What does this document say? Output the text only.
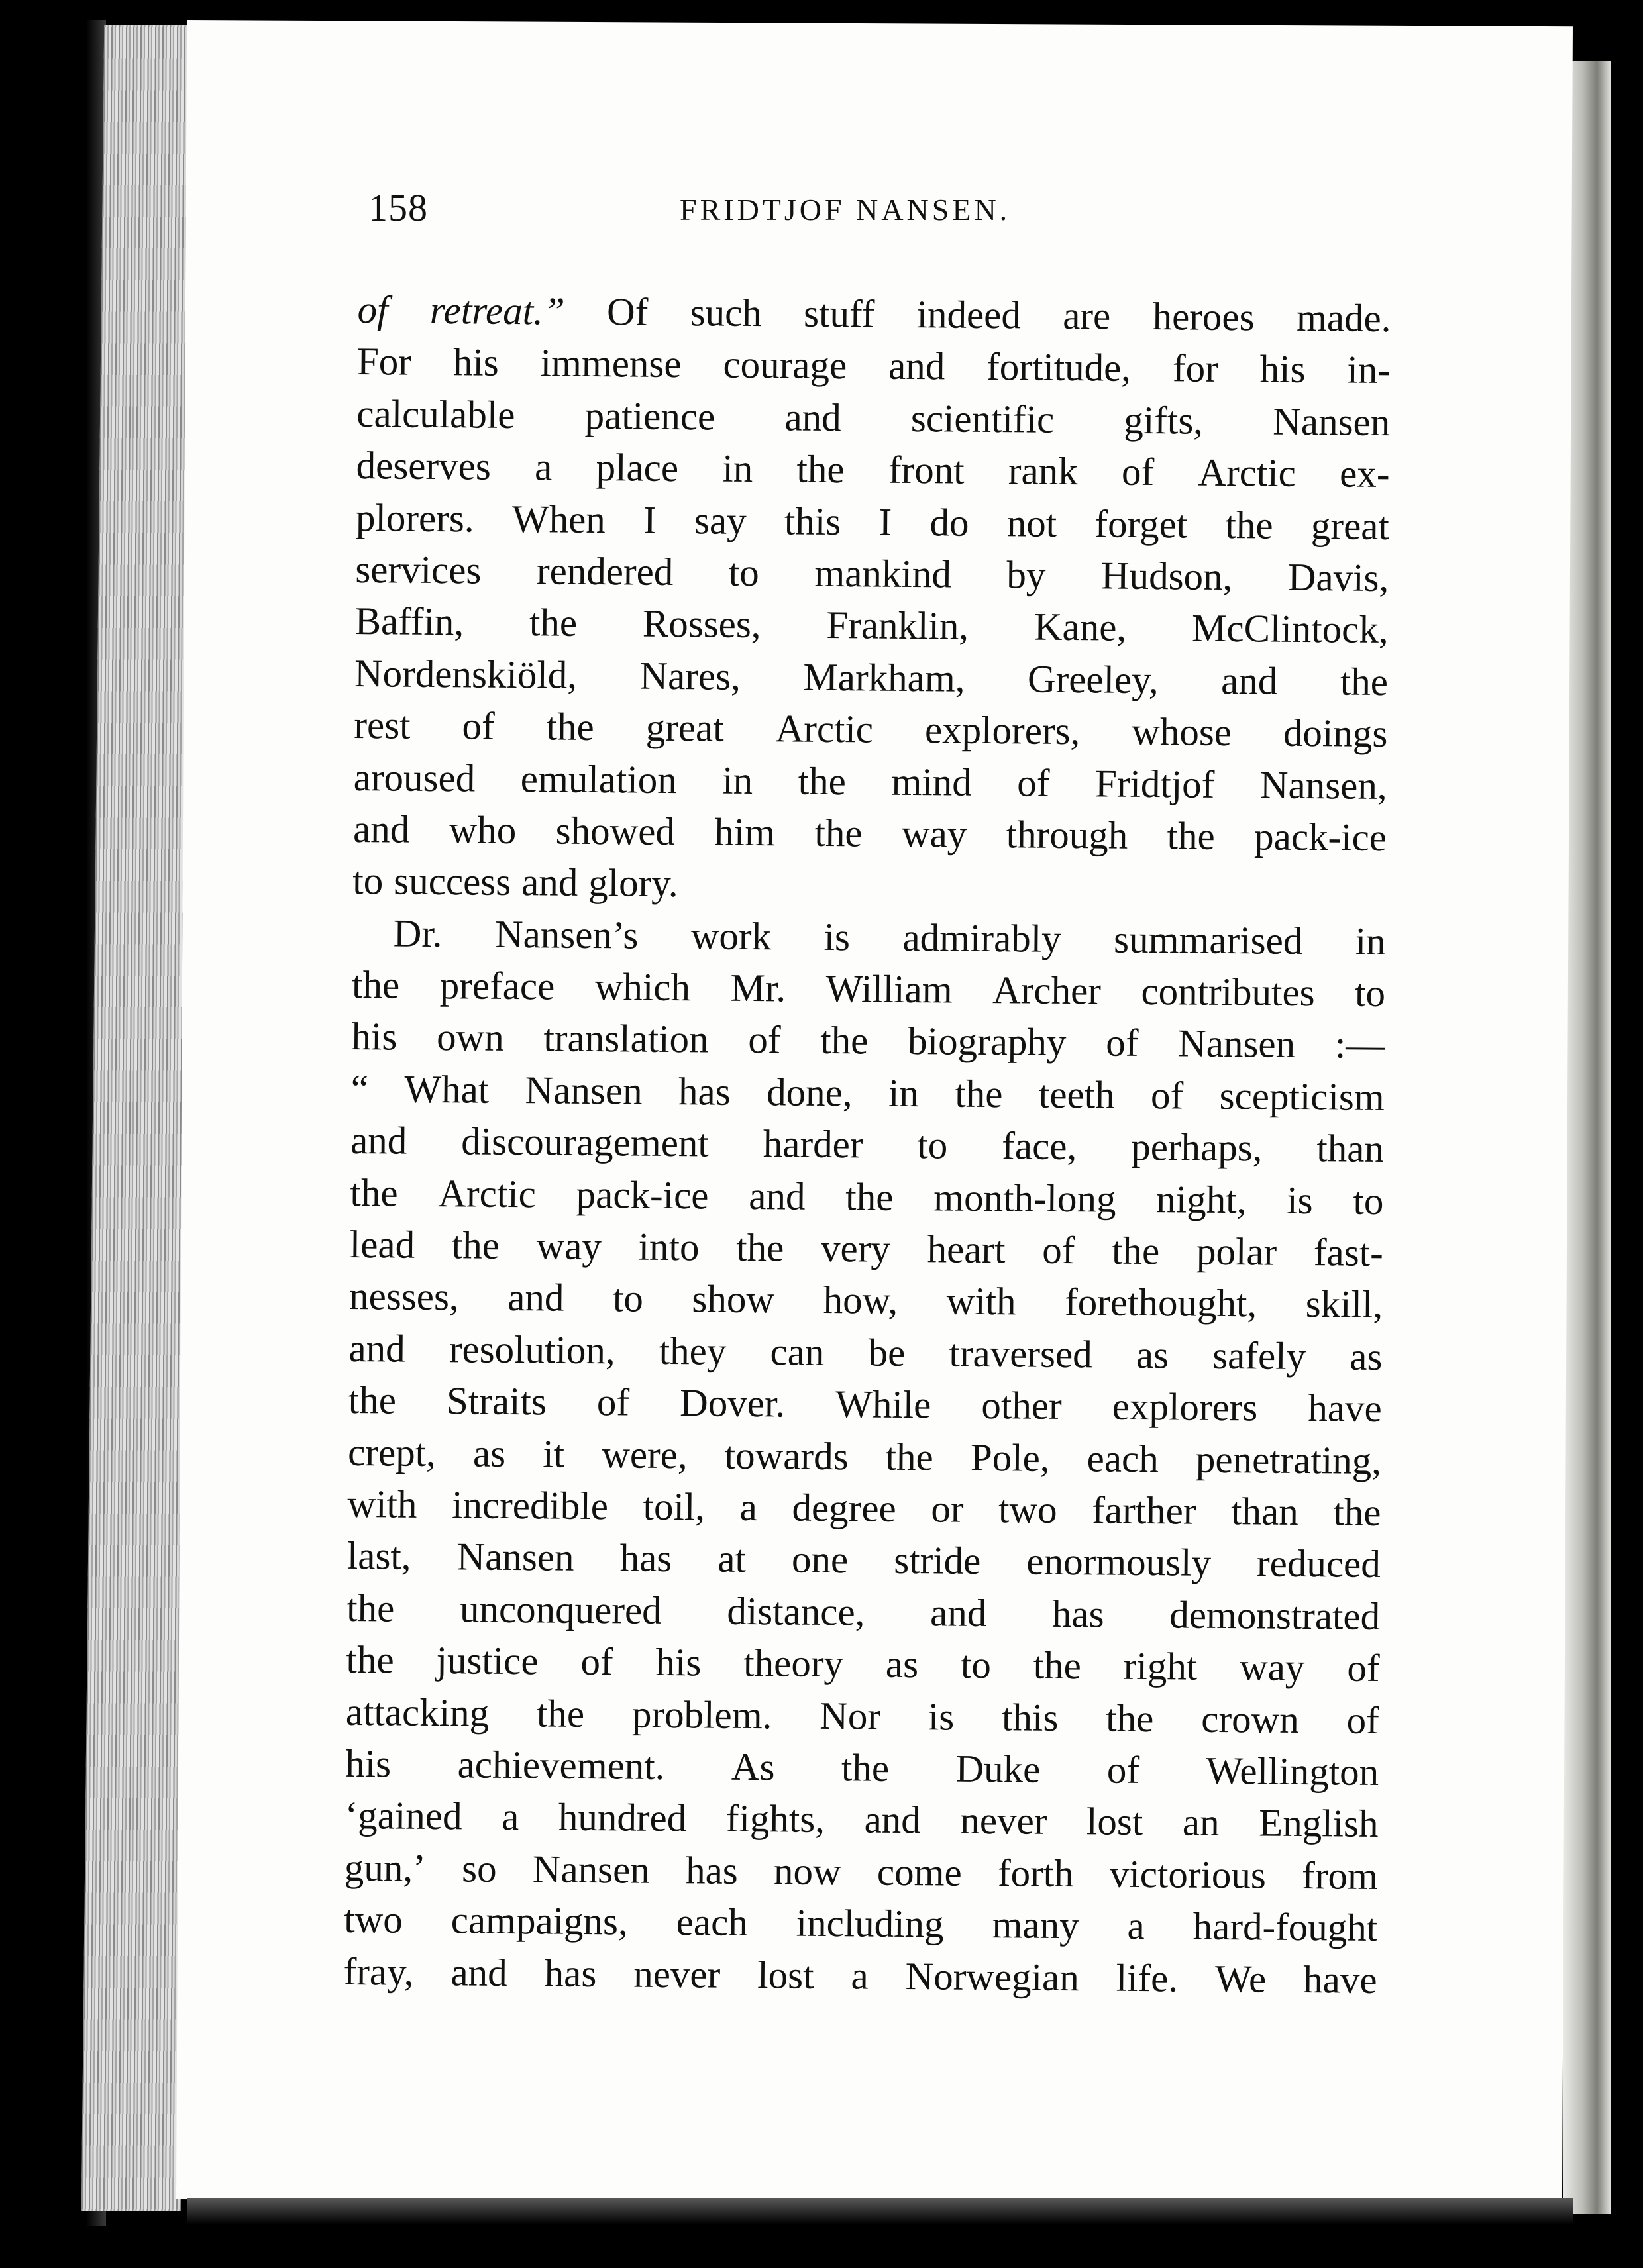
158	FRIDTJOF NANSEN.
of retreat.” Of such stuff indeed are heroes made.
For his immense courage and fortitude, for his in-
calculable patience and scientific gifts, Nansen
deserves a place in the front rank of Arctic ex-
plorers. When I say this I do not forget the great
services rendered to mankind by Hudson, Davis,
Baffin, the Rosses, Franklin, Kane, McClintock,
Nordenskiöld, Nares, Markham, Greeley, and the
rest of the great Arctic explorers, whose doings
aroused emulation in the mind of Fridtjof Nansen,
and who showed him the way through the pack-ice
to success and glory.
Dr. Nansen’s work is admirably summarised in
the preface which Mr. William Archer contributes to
his own translation of the biography of Nansen :—
“ What Nansen has done, in the teeth of scepticism
and discouragement harder to face, perhaps, than
the Arctic pack-ice and the month-long night, is to
lead the way into the very heart of the polar fast-
nesses, and to show how, with forethought, skill,
and resolution, they can be traversed as safely as
the Straits of Dover. While other explorers have
crept, as it were, towards the Pole, each penetrating,
with incredible toil, a degree or two farther than the
last, Nansen has at one stride enormously reduced
the unconquered distance, and has demonstrated
the justice of his theory as to the right way of
attacking the problem. Nor is this the crown of
his achievement. As the Duke of Wellington
‘gained a hundred fights, and never lost an English
gun,’ so Nansen has now come forth victorious from
two campaigns, each including many a hard-fought
fray, and has never lost a Norwegian life. We have
